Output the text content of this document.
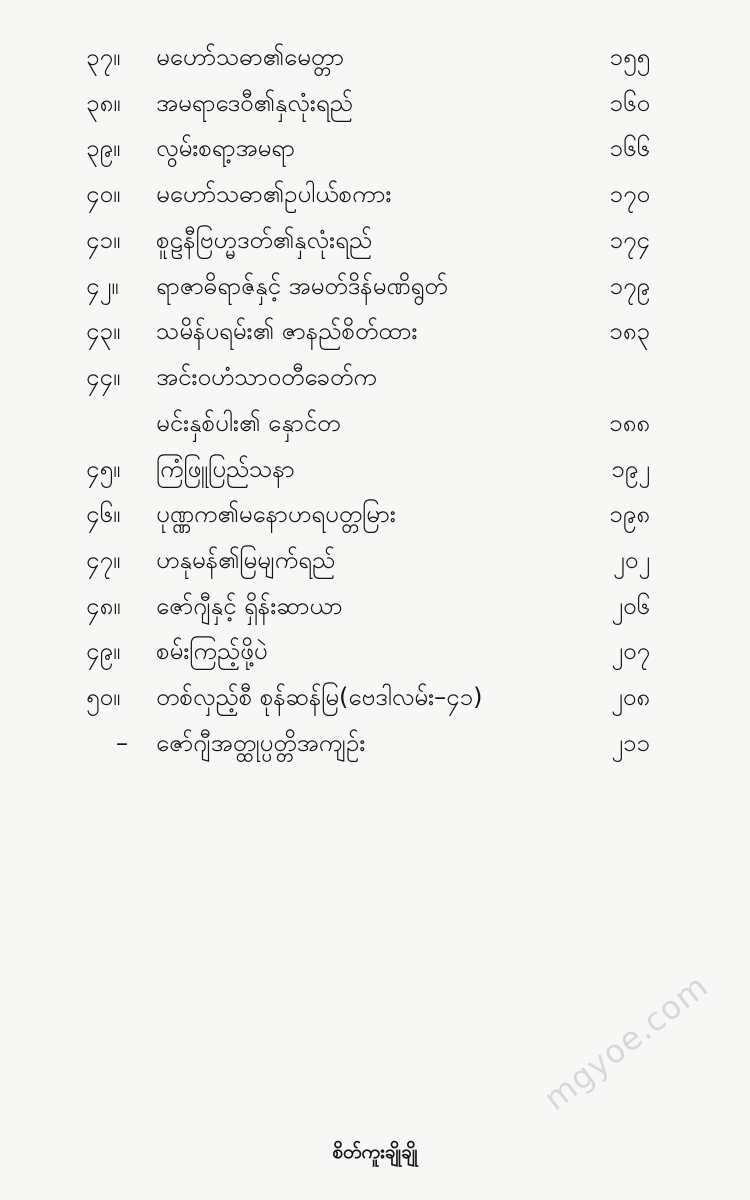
၃၇။ မဟော်သဓာ၏မေတ္တာ	၁၅၅
၃၈။ အမရာဒေဝီ၏နှလုံးရည်	၁၆၀
၃၉။ လွမ်းစရာ့အမရာ	၁၆၆
၄၀။ မဟော်သဓာ၏ဥပါယ်စကား	၁၇၀
၄၁။ စူဠနီဗြဟ္မဒတ်၏နှလုံးရည်	၁၇၄
၄၂။ ရာဇာဓိရာဇ်နှင့် အမတ်ဒိန်မဏိရွတ်	၁၇၉
၄၃။ သမိန်ပရမ်း၏ ဇာနည်စိတ်ထား	၁၈၃
၄၄။ အင်းဝဟံသာဝတီခေတ်က
မင်းနှစ်ပါး၏ နှောင်တ	၁၈၈
၄၅။ ကြံဖြူပြည်သနာ	၁၉၂
၄၆။ ပုဏ္ဏက၏မနောဟရပတ္တမြား	၁၉၈
၄၇။ ဟနုမန်၏မြမျက်ရည်	၂၀၂
၄၈။ ဇော်ဂျီနှင့် ရှိန်းဆာယာ	၂၀၆
၄၉။ စမ်းကြည့်ဖို့ပဲ	၂၀၇
၅၀။ တစ်လှည့်စီ စုန်ဆန်မြ(ဗေဒါလမ်း–၄၁)	၂၀၈
– ဇော်ဂျီအတ္ထုပ္ပတ္တိအကျဉ်း	၂၁၁
စိတ်ကူးချိုချို
mgyoe.com
